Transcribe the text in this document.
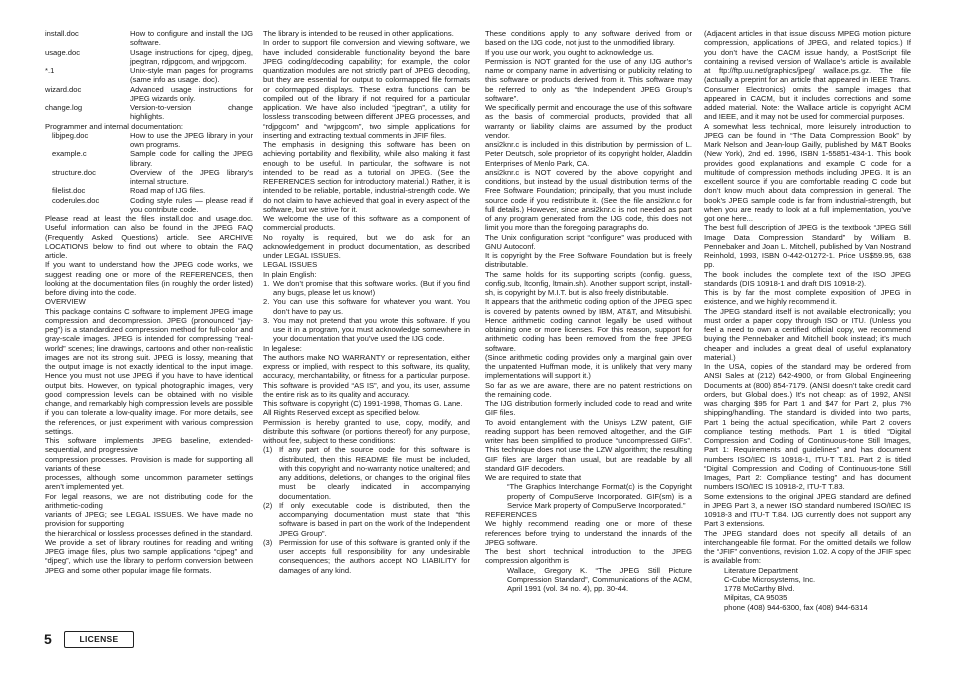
install.doc	How to configure and install the IJG software.
usage.doc	Usage instructions for cjpeg, djpeg, jpegtran, rdjpgcom, and wrjpgcom.
*.1	Unix-style man pages for programs (same info as usage. doc).
wizard.doc	Advanced usage instructions for JPEG wizards only.
change.log	Version-to-version change highlights.

Programmer and internal documentation:

libjpeg.doc	How to use the JPEG library in your own programs.
example.c	Sample code for calling the JPEG library.
structure.doc	Overview of the JPEG library’s internal structure.
filelist.doc	Road map of IJG files.
coderules.doc	Coding style rules — please read if you contribute code.

Please read at least the files install.doc and usage.doc. Useful information can also be found in the JPEG FAQ (Frequently Asked Questions) article. See ARCHIVE LOCATIONS below to find out where to obtain the FAQ article.

If you want to understand how the JPEG code works, we suggest reading one or more of the REFERENCES, then looking at the documentation files (in roughly the order listed) before diving into the code.

OVERVIEW

This package contains C software to implement JPEG image compression and decompression. JPEG (pronounced “jay-peg”) is a standardized compression method for full-color and gray-scale images. JPEG is intended for compressing “real-world” scenes; line drawings, cartoons and other non-realistic images are not its strong suit. JPEG is lossy, meaning that the output image is not exactly identical to the input image. Hence you must not use JPEG if you have to have identical output bits. However, on typical photographic images, very good compression levels can be obtained with no visible change, and remarkably high compression levels are possible if you can tolerate a low-quality image. For more details, see the references, or just experiment with various compression settings.

This software implements JPEG baseline, extended-sequential, and progressive

compression processes. Provision is made for supporting all variants of these

processes, although some uncommon parameter settings aren’t implemented yet.

For legal reasons, we are not distributing code for the arithmetic-coding

variants of JPEG; see LEGAL ISSUES. We have made no provision for supporting

the hierarchical or lossless processes defined in the standard.

We provide a set of library routines for reading and writing JPEG image files, plus two sample applications “cjpeg” and “djpeg”, which use the library to perform conversion between JPEG and some other popular image file formats.

The library is intended to be reused in other applications.

In order to support file conversion and viewing software, we have included considerable functionality beyond the bare JPEG coding/decoding capability; for example, the color quantization modules are not strictly part of JPEG decoding, but they are essential for output to colormapped file formats or colormapped displays. These extra functions can be compiled out of the library if not required for a particular application. We have also included “jpegtran”, a utility for lossless transcoding between different JPEG processes, and “rdjpgcom” and “wrjpgcom”, two simple applications for inserting and extracting textual comments in JFIF files.

The emphasis in designing this software has been on achieving portability and flexibility, while also making it fast enough to be useful. In particular, the software is not intended to be read as a tutorial on JPEG. (See the REFERENCES section for introductory material.) Rather, it is intended to be reliable, portable, industrial-strength code. We do not claim to have achieved that goal in every aspect of the software, but we strive for it.

We welcome the use of this software as a component of commercial products.

No royalty is required, but we do ask for an acknowledgement in product documentation, as described under LEGAL ISSUES.

LEGAL ISSUES

In plain English:

1. We don’t promise that this software works. (But if you find any bugs, please let us know!)
2. You can use this software for whatever you want. You don’t have to pay us.
3. You may not pretend that you wrote this software. If you use it in a program, you must acknowledge somewhere in your documentation that you’ve used the IJG code.

In legalese:

The authors make NO WARRANTY or representation, either express or implied, with respect to this software, its quality, accuracy, merchantability, or fitness for a particular purpose. This software is provided “AS IS”, and you, its user, assume the entire risk as to its quality and accuracy.

This software is copyright (C) 1991-1998, Thomas G. Lane.

All Rights Reserved except as specified below.

Permission is hereby granted to use, copy, modify, and distribute this software (or portions thereof) for any purpose, without fee, subject to these conditions:

(1) If any part of the source code for this software is distributed, then this README file must be included, with this copyright and no-warranty notice unaltered; and any additions, deletions, or changes to the original files must be clearly indicated in accompanying documentation.
(2) If only executable code is distributed, then the accompanying documentation must state that “this software is based in part on the work of the Independent JPEG Group”.
(3) Permission for use of this software is granted only if the user accepts full responsibility for any undesirable consequences; the authors accept NO LIABILITY for damages of any kind.

These conditions apply to any software derived from or based on the IJG code, not just to the unmodified library.

If you use our work, you ought to acknowledge us.

Permission is NOT granted for the use of any IJG author’s name or company name in advertising or publicity relating to this software or products derived from it. This software may be referred to only as “the Independent JPEG Group’s software”.

We specifically permit and encourage the use of this software as the basis of commercial products, provided that all warranty or liability claims are assumed by the product vendor.

ansi2knr.c is included in this distribution by permission of L. Peter Deutsch, sole proprietor of its copyright holder, Aladdin Enterprises of Menlo Park, CA.

ansi2knr.c is NOT covered by the above copyright and conditions, but instead by the usual distribution terms of the Free Software Foundation; principally, that you must include source code if you redistribute it. (See the file ansi2knr.c for full details.) However, since ansi2knr.c is not needed as part of any program generated from the IJG code, this does not limit you more than the foregoing paragraphs do.

The Unix configuration script “configure” was produced with GNU Autoconf.

It is copyright by the Free Software Foundation but is freely distributable.

The same holds for its supporting scripts (config. guess, config.sub, ltconfig, ltmain.sh). Another support script, install-sh, is copyright by M.I.T. but is also freely distributable.

It appears that the arithmetic coding option of the JPEG spec is covered by patents owned by IBM, AT&T, and Mitsubishi. Hence arithmetic coding cannot legally be used without obtaining one or more licenses. For this reason, support for arithmetic coding has been removed from the free JPEG software.

(Since arithmetic coding provides only a marginal gain over the unpatented Huffman mode, it is unlikely that very many implementations will support it.)

So far as we are aware, there are no patent restrictions on the remaining code.

The IJG distribution formerly included code to read and write GIF files.

To avoid entanglement with the Unisys LZW patent, GIF reading support has been removed altogether, and the GIF writer has been simplified to produce “uncompressed GIFs”. This technique does not use the LZW algorithm; the resulting GIF files are larger than usual, but are readable by all standard GIF decoders.

We are required to state that

“The Graphics Interchange Format(c) is the Copyright property of CompuServe Incorporated. GIF(sm) is a Service Mark property of CompuServe Incorporated.”

REFERENCES

We highly recommend reading one or more of these references before trying to understand the innards of the JPEG software.

The best short technical introduction to the JPEG compression algorithm is

Wallace, Gregory K. “The JPEG Still Picture Compression Standard”, Communications of the ACM, April 1991 (vol. 34 no. 4), pp. 30-44.

(Adjacent articles in that issue discuss MPEG motion picture compression, applications of JPEG, and related topics.) If you don’t have the CACM issue handy, a PostScript file containing a revised version of Wallace’s article is available at ftp://ftp.uu.net/graphics/jpeg/ wallace.ps.gz. The file (actually a preprint for an article that appeared in IEEE Trans. Consumer Electronics) omits the sample images that appeared in CACM, but it includes corrections and some added material. Note: the Wallace article is copyright ACM and IEEE, and it may not be used for commercial purposes.

A somewhat less technical, more leisurely introduction to JPEG can be found in “The Data Compression Book” by Mark Nelson and Jean-loup Gailly, published by M&T Books (New York), 2nd ed. 1996, ISBN 1-55851-434-1. This book provides good explanations and example C code for a multitude of compression methods including JPEG. It is an excellent source if you are comfortable reading C code but don’t know much about data compression in general. The book’s JPEG sample code is far from industrial-strength, but when you are ready to look at a full implementation, you’ve got one here...

The best full description of JPEG is the textbook “JPEG Still Image Data Compression Standard” by William B. Pennebaker and Joan L. Mitchell, published by Van Nostrand Reinhold, 1993, ISBN 0-442-01272-1. Price US$59.95, 638 pp.

The book includes the complete text of the ISO JPEG standards (DIS 10918-1 and draft DIS 10918-2).

This is by far the most complete exposition of JPEG in existence, and we highly recommend it.

The JPEG standard itself is not available electronically; you must order a paper copy through ISO or ITU. (Unless you feel a need to own a certified official copy, we recommend buying the Pennebaker and Mitchell book instead; it’s much cheaper and includes a great deal of useful explanatory material.)

In the USA, copies of the standard may be ordered from ANSI Sales at (212) 642-4900, or from Global Engineering Documents at (800) 854-7179. (ANSI doesn’t take credit card orders, but Global does.) It’s not cheap: as of 1992, ANSI was charging $95 for Part 1 and $47 for Part 2, plus 7% shipping/handling. The standard is divided into two parts, Part 1 being the actual specification, while Part 2 covers compliance testing methods. Part 1 is titled “Digital Compression and Coding of Continuous-tone Still Images, Part 1: Requirements and guidelines” and has document numbers ISO/IEC IS 10918-1, ITU-T T.81. Part 2 is titled “Digital Compression and Coding of Continuous-tone Still Images, Part 2: Compliance testing” and has document numbers ISO/IEC IS 10918-2, ITU-T T.83.

Some extensions to the original JPEG standard are defined in JPEG Part 3, a newer ISO standard numbered ISO/IEC IS 10918-3 and ITU-T T.84. IJG currently does not support any Part 3 extensions.

The JPEG standard does not specify all details of an interchangeable file format. For the omitted details we follow the “JFIF” conventions, revision 1.02. A copy of the JFIF spec is available from:

Literature Department
C-Cube Microsystems, Inc.
1778 McCarthy Blvd.
Milpitas, CA 95035
phone (408) 944-6300, fax (408) 944-6314
5	LICENSE
